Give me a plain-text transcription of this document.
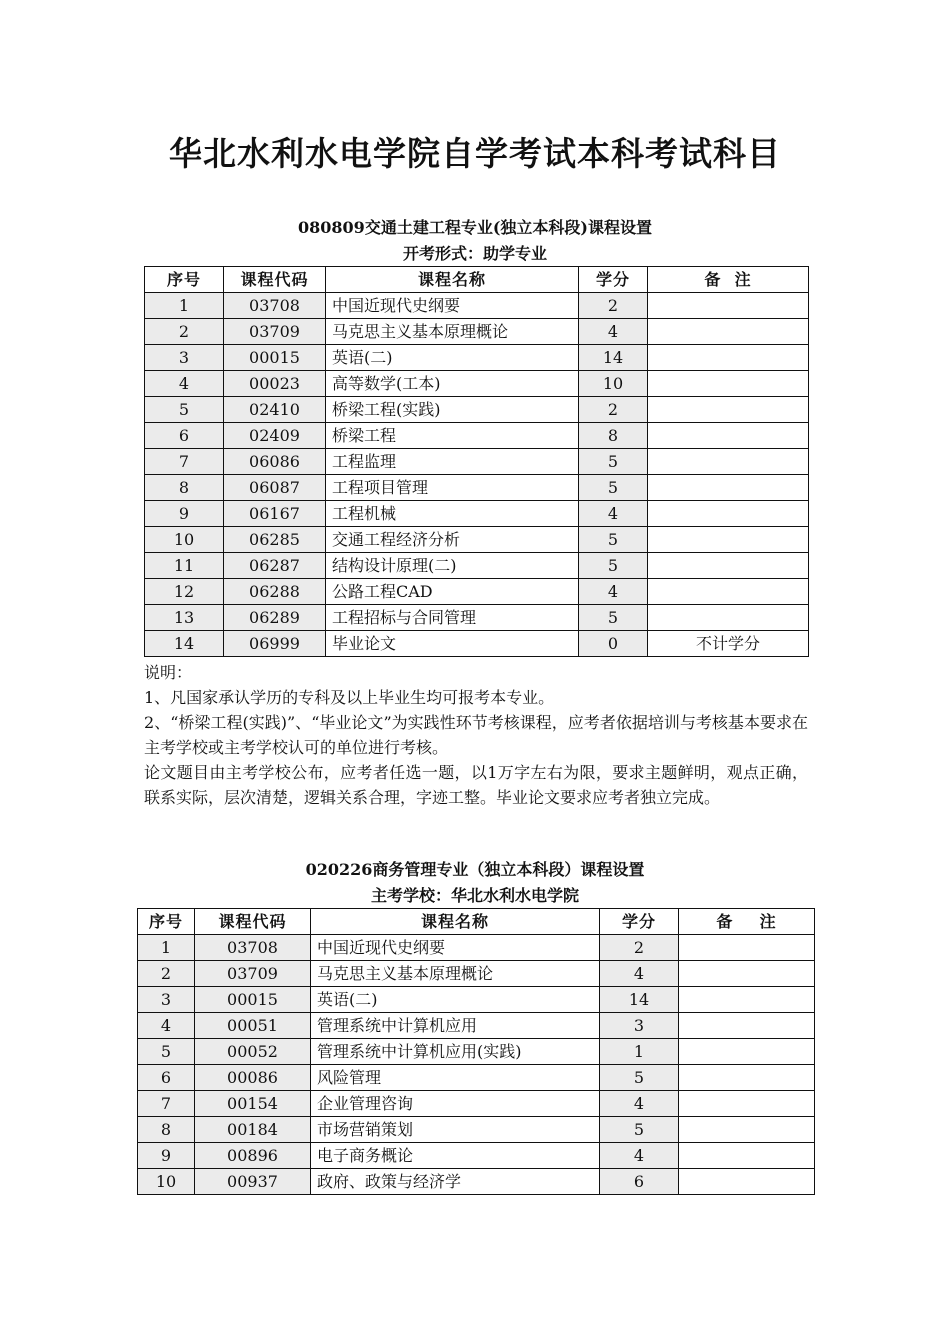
华北水利水电学院自学考试本科考试科目
080809交通土建工程专业(独立本科段)课程设置
开考形式：助学专业
序号	课程代码	课程名称	学分	备  注
1	03708	中国近现代史纲要	2	
2	03709	马克思主义基本原理概论	4	
3	00015	英语(二)	14	
4	00023	高等数学(工本)	10	
5	02410	桥梁工程(实践)	2	
6	02409	桥梁工程	8	
7	06086	工程监理	5	
8	06087	工程项目管理	5	
9	06167	工程机械	4	
10	06285	交通工程经济分析	5	
11	06287	结构设计原理(二)	5	
12	06288	公路工程CAD	4	
13	06289	工程招标与合同管理	5	
14	06999	毕业论文	0	不计学分

说明：

1、凡国家承认学历的专科及以上毕业生均可报考本专业。

2、“桥梁工程(实践)”、“毕业论文”为实践性环节考核课程，应考者依据培训与考核基本要求在主考学校或主考学校认可的单位进行考核。

论文题目由主考学校公布，应考者任选一题，以1万字左右为限，要求主题鲜明，观点正确，联系实际，层次清楚，逻辑关系合理，字迹工整。毕业论文要求应考者独立完成。

020226商务管理专业（独立本科段）课程设置
主考学校：华北水利水电学院
序号	课程代码	课程名称	学分	备    注
1	03708	中国近现代史纲要	2	
2	03709	马克思主义基本原理概论	4	
3	00015	英语(二)	14	
4	00051	管理系统中计算机应用	3	
5	00052	管理系统中计算机应用(实践)	1	
6	00086	风险管理	5	
7	00154	企业管理咨询	4	
8	00184	市场营销策划	5	
9	00896	电子商务概论	4	
10	00937	政府、政策与经济学	6	
